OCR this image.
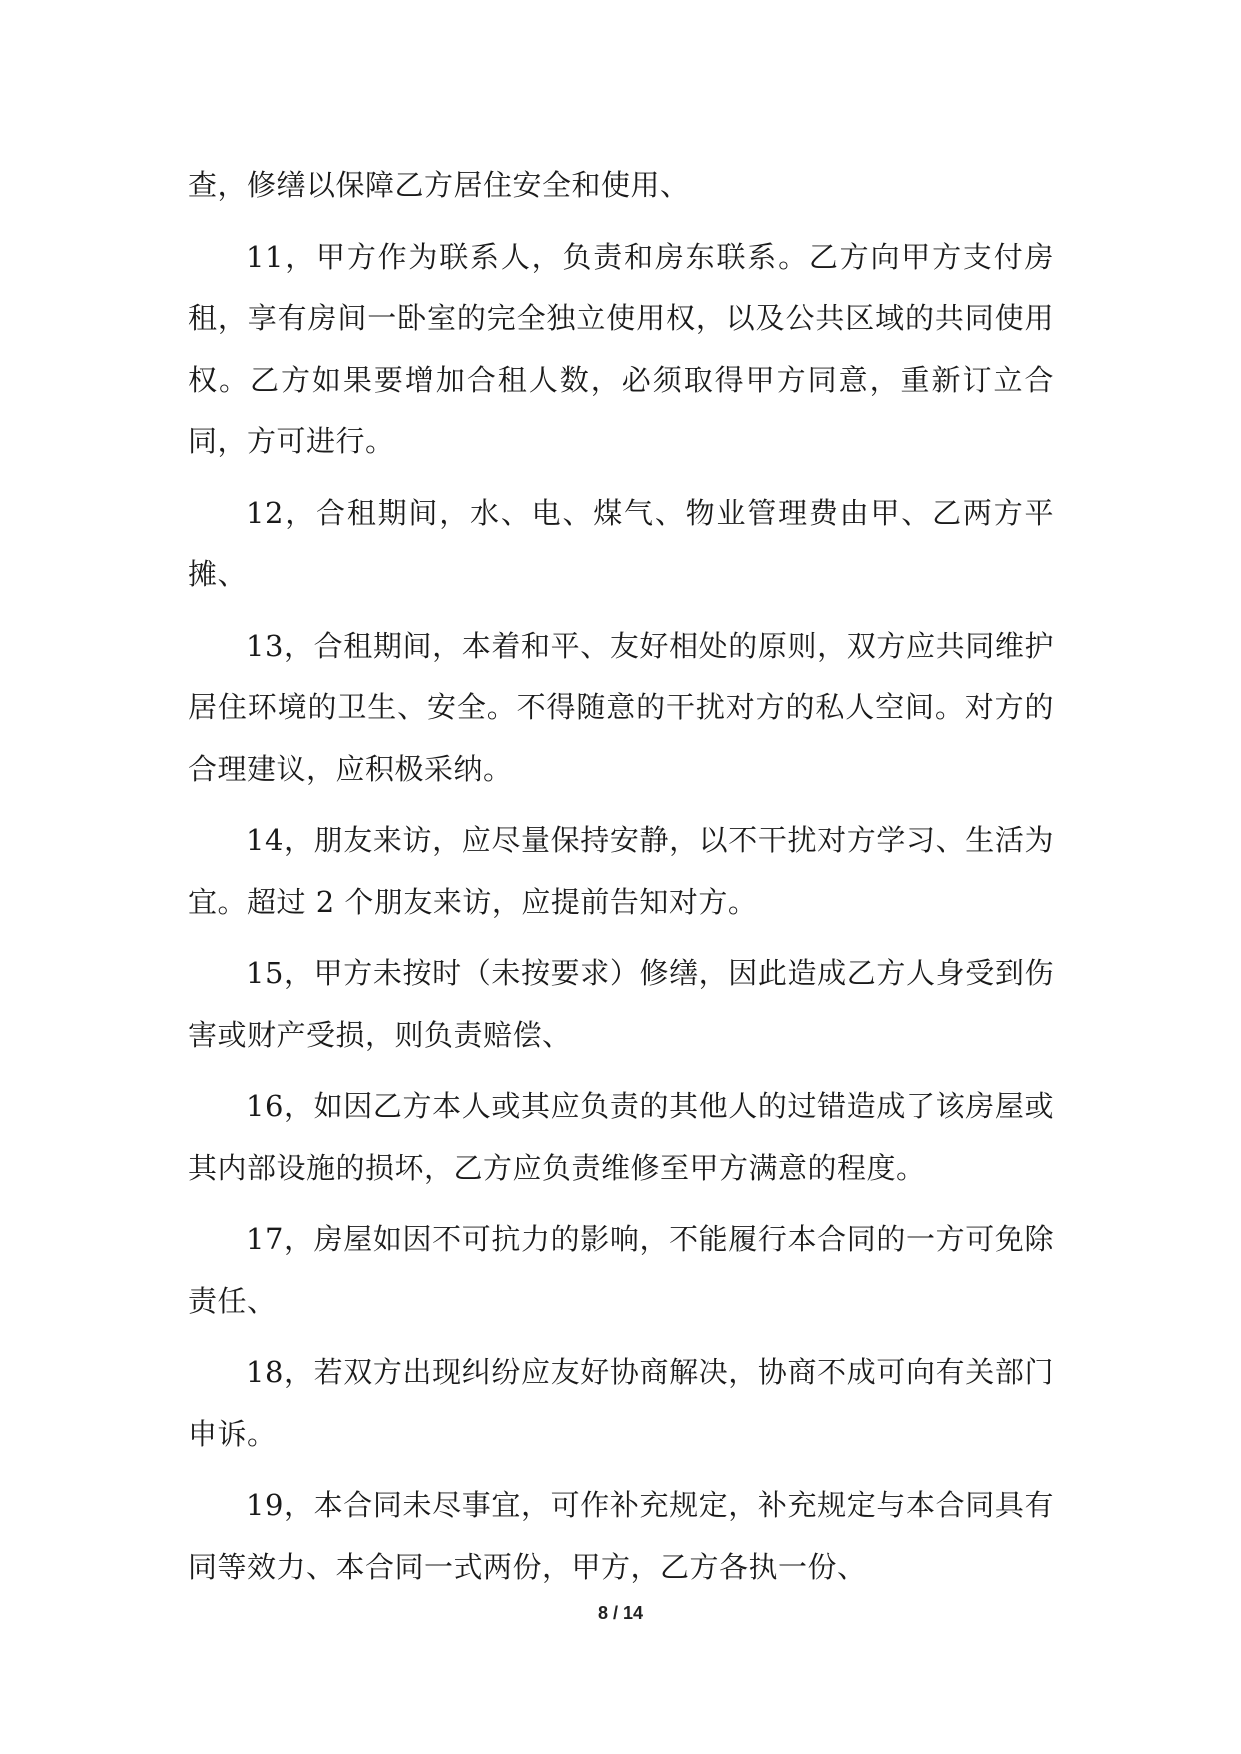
查，修缮以保障乙方居住安全和使用、

11，甲方作为联系人，负责和房东联系。乙方向甲方支付房租，享有房间一卧室的完全独立使用权，以及公共区域的共同使用权。乙方如果要增加合租人数，必须取得甲方同意，重新订立合同，方可进行。

12，合租期间，水、电、煤气、物业管理费由甲、乙两方平摊、

13，合租期间，本着和平、友好相处的原则，双方应共同维护居住环境的卫生、安全。不得随意的干扰对方的私人空间。对方的合理建议，应积极采纳。

14，朋友来访，应尽量保持安静，以不干扰对方学习、生活为宜。超过 2 个朋友来访，应提前告知对方。

15，甲方未按时（未按要求）修缮，因此造成乙方人身受到伤害或财产受损，则负责赔偿、

16，如因乙方本人或其应负责的其他人的过错造成了该房屋或其内部设施的损坏，乙方应负责维修至甲方满意的程度。

17，房屋如因不可抗力的影响，不能履行本合同的一方可免除责任、

18，若双方出现纠纷应友好协商解决，协商不成可向有关部门申诉。

19，本合同未尽事宜，可作补充规定，补充规定与本合同具有同等效力、本合同一式两份，甲方，乙方各执一份、

8 / 14
